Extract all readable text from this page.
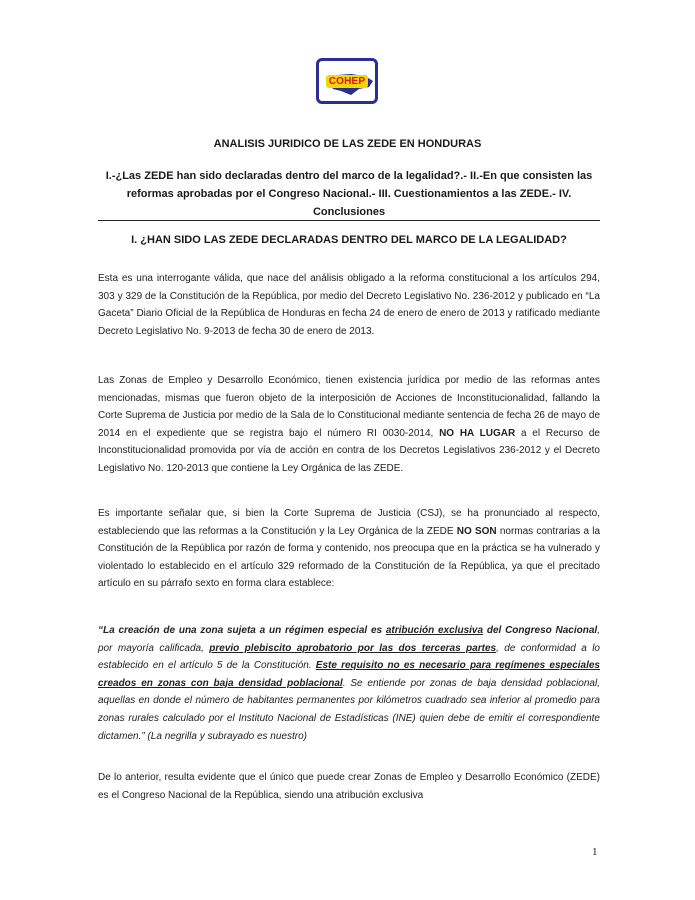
COHEP
ANALISIS JURIDICO DE LAS ZEDE EN HONDURAS
I.-¿Las ZEDE han sido declaradas dentro del marco de la legalidad?.- II.-En que consisten las reformas aprobadas por el Congreso Nacional.- III. Cuestionamientos a las ZEDE.- IV. Conclusiones
I. ¿HAN SIDO LAS ZEDE DECLARADAS DENTRO DEL MARCO DE LA LEGALIDAD?
Esta es una interrogante válida, que nace del análisis obligado a la reforma constitucional a los artículos 294, 303 y 329 de la Constitución de la República, por medio del Decreto Legislativo No. 236-2012 y publicado en “La Gaceta” Diario Oficial de la República de Honduras en fecha 24 de enero de enero de 2013 y ratificado mediante Decreto Legislativo No. 9-2013 de fecha 30 de enero de 2013.
Las Zonas de Empleo y Desarrollo Económico, tienen existencia jurídica por medio de las reformas antes mencionadas, mismas que fueron objeto de la interposición de Acciones de Inconstitucionalidad, fallando la Corte Suprema de Justicia por medio de la Sala de lo Constitucional mediante sentencia de fecha 26 de mayo de 2014 en el expediente que se registra bajo el número RI 0030-2014, NO HA LUGAR a el Recurso de Inconstitucionalidad promovida por vía de acción en contra de los Decretos Legislativos 236-2012 y el Decreto Legislativo No. 120-2013 que contiene la Ley Orgánica de las ZEDE.
Es importante señalar que, si bien la Corte Suprema de Justicia (CSJ), se ha pronunciado al respecto, estableciendo que las reformas a la Constitución y la Ley Orgánica de la ZEDE NO SON normas contrarias a la Constitución de la República por razón de forma y contenido, nos preocupa que en la práctica se ha vulnerado y violentado lo establecido en el artículo 329 reformado de la Constitución de la República, ya que el precitado artículo en su párrafo sexto en forma clara establece:
“La creación de una zona sujeta a un régimen especial es atribución exclusiva del Congreso Nacional, por mayoría calificada, previo plebiscito aprobatorio por las dos terceras partes, de conformidad a lo establecido en el artículo 5 de la Constitución. Este requisito no es necesario para regímenes especiales creados en zonas con baja densidad poblacional. Se entiende por zonas de baja densidad poblacional, aquellas en donde el número de habitantes permanentes por kilómetros cuadrado sea inferior al promedio para zonas rurales calculado por el Instituto Nacional de Estadísticas (INE) quien debe de emitir el correspondiente dictamen.” (La negrilla y subrayado es nuestro)
De lo anterior, resulta evidente que el único que puede crear Zonas de Empleo y Desarrollo Económico (ZEDE) es el Congreso Nacional de la República, siendo una atribución exclusiva
1
